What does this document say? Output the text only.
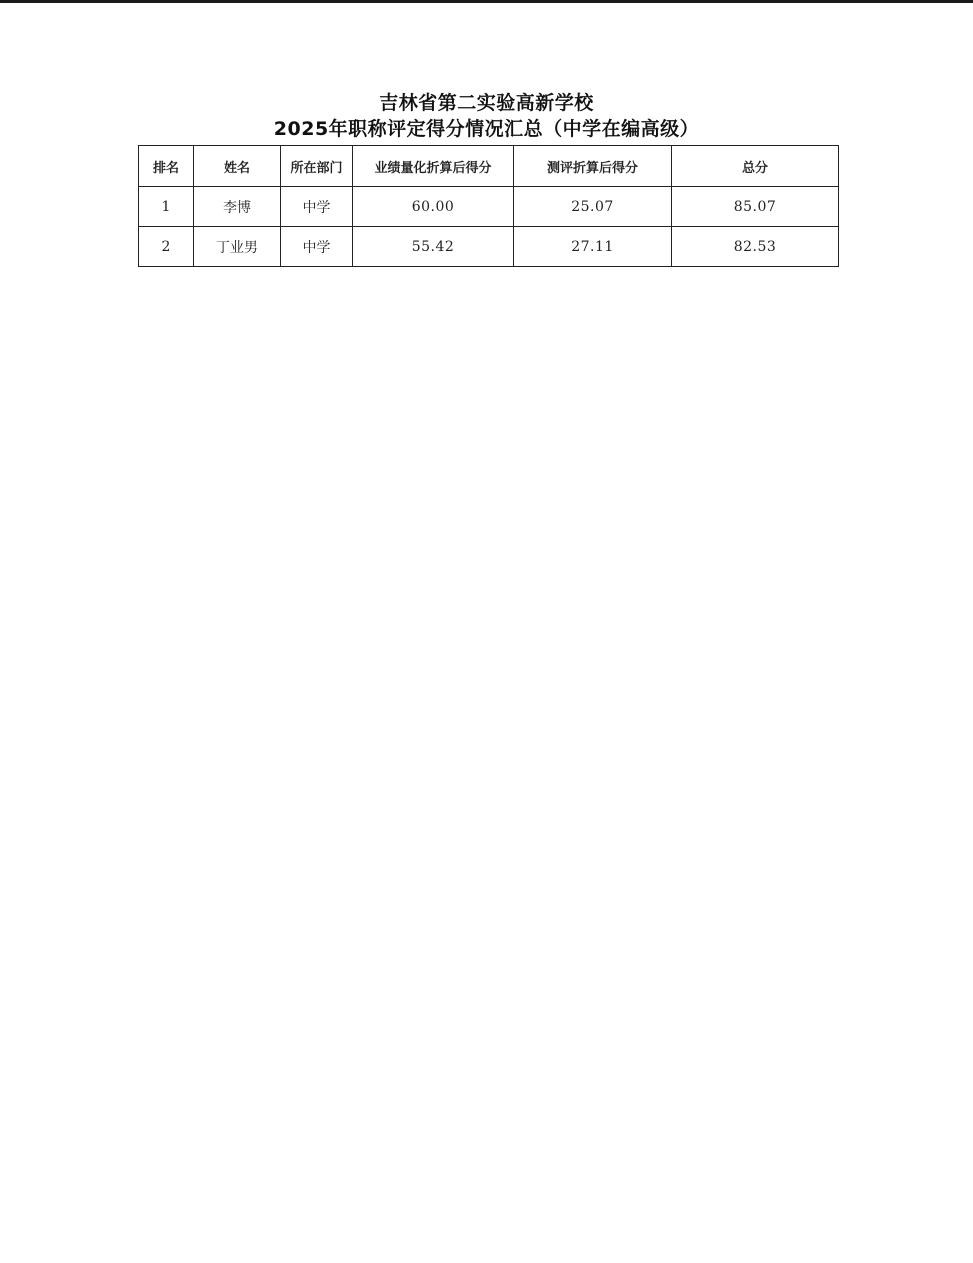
吉林省第二实验高新学校
2025年职称评定得分情况汇总（中学在编高级）
排名	姓名	所在部门	业绩量化折算后得分	测评折算后得分	总分
1	李博	中学	60.00	25.07	85.07
2	丁业男	中学	55.42	27.11	82.53
